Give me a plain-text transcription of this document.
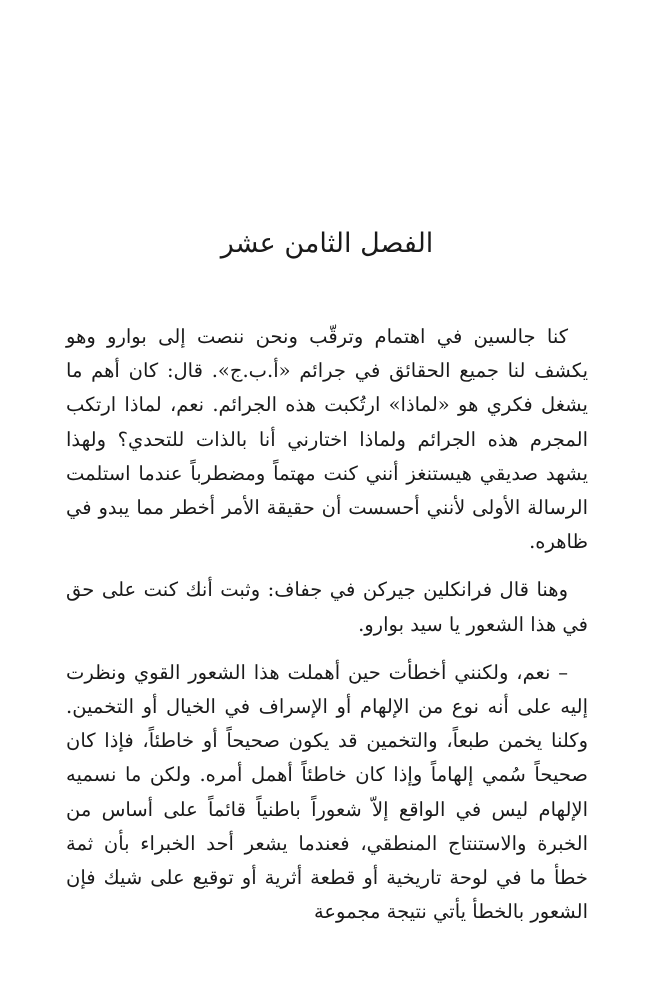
الفصل الثامن عشر

كنا جالسين في اهتمام وترقّب ونحن ننصت إلى بوارو وهو يكشف لنا جميع الحقائق في جرائم «أ.ب.ج». قال: كان أهم ما يشغل فكري هو «لماذا» ارتُكبت هذه الجرائم. نعم، لماذا ارتكب المجرم هذه الجرائم ولماذا اختارني أنا بالذات للتحدي؟ ولهذا يشهد صديقي هيستنغز أنني كنت مهتماً ومضطرباً عندما استلمت الرسالة الأولى لأنني أحسست أن حقيقة الأمر أخطر مما يبدو في ظاهره.

وهنا قال فرانكلين جيركن في جفاف: وثبت أنك كنت على حق في هذا الشعور يا سيد بوارو.

– نعم، ولكنني أخطأت حين أهملت هذا الشعور القوي ونظرت إليه على أنه نوع من الإلهام أو الإسراف في الخيال أو التخمين. وكلنا يخمن طبعاً، والتخمين قد يكون صحيحاً أو خاطئاً، فإذا كان صحيحاً سُمي إلهاماً وإذا كان خاطئاً أهمل أمره. ولكن ما نسميه الإلهام ليس في الواقع إلاّ شعوراً باطنياً قائماً على أساس من الخبرة والاستنتاج المنطقي، فعندما يشعر أحد الخبراء بأن ثمة خطأ ما في لوحة تاريخية أو قطعة أثرية أو توقيع على شيك فإن الشعور بالخطأ يأتي نتيجة مجموعة
